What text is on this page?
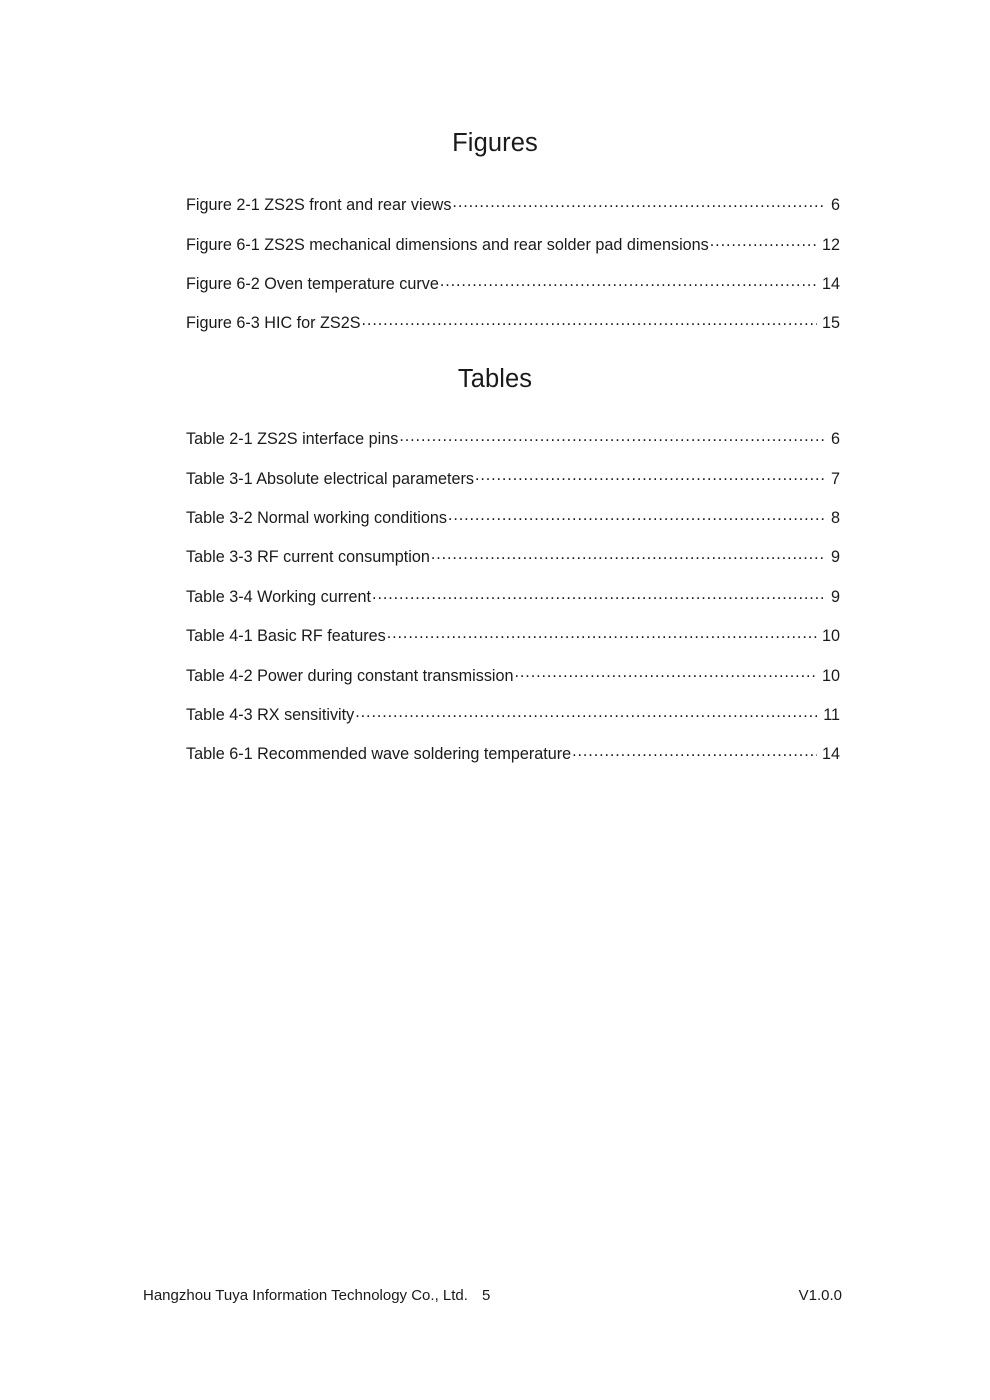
Figures
Figure 2-1 ZS2S front and rear views .....	6
Figure 6-1 ZS2S mechanical dimensions and rear solder pad dimensions .....	12
Figure 6-2 Oven temperature curve .....	14
Figure 6-3 HIC for ZS2S .....	15
Tables
Table 2-1 ZS2S interface pins .....	6
Table 3-1 Absolute electrical parameters .....	7
Table 3-2 Normal working conditions .....	8
Table 3-3 RF current consumption .....	9
Table 3-4 Working current .....	9
Table 4-1 Basic RF features .....	10
Table 4-2 Power during constant transmission .....	10
Table 4-3 RX sensitivity .....	11
Table 6-1 Recommended wave soldering temperature .....	14
Hangzhou Tuya Information Technology Co., Ltd. 5	V1.0.0
